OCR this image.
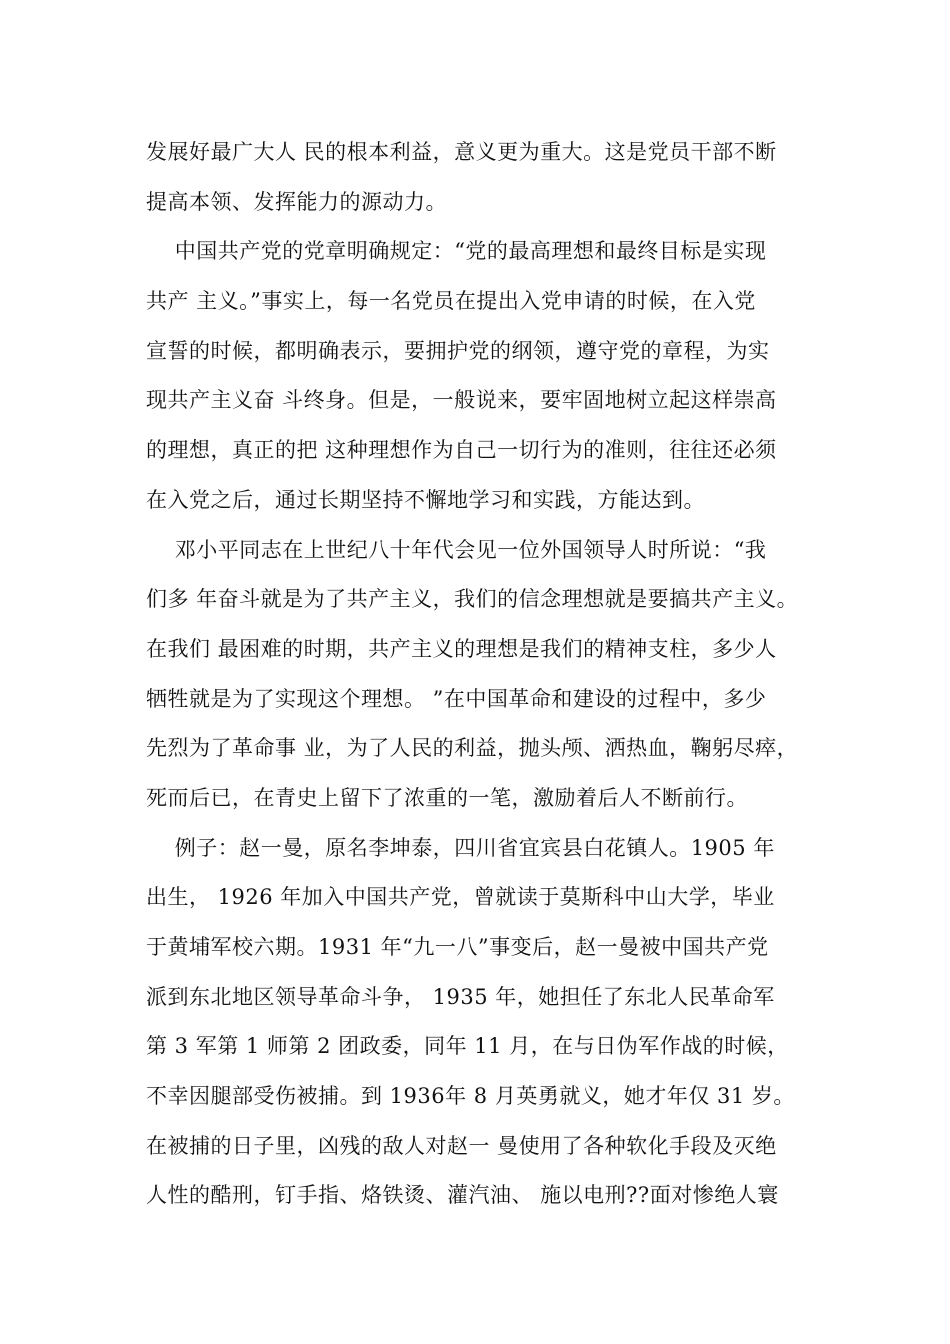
发展好最广大人 民的根本利益，意义更为重大。这是党员干部不断
提高本领、发挥能力的源动力。
中国共产党的党章明确规定：“党的最高理想和最终目标是实现
共产 主义。”事实上，每一名党员在提出入党申请的时候，在入党
宣誓的时候，都明确表示，要拥护党的纲领，遵守党的章程，为实
现共产主义奋 斗终身。但是，一般说来，要牢固地树立起这样崇高
的理想，真正的把 这种理想作为自己一切行为的准则，往往还必须
在入党之后，通过长期坚持不懈地学习和实践，方能达到。
邓小平同志在上世纪八十年代会见一位外国领导人时所说：“我
们多 年奋斗就是为了共产主义，我们的信念理想就是要搞共产主义。
在我们 最困难的时期，共产主义的理想是我们的精神支柱，多少人
牺牲就是为了实现这个理想。 ”在中国革命和建设的过程中，多少
先烈为了革命事 业，为了人民的利益，抛头颅、洒热血，鞠躬尽瘁，
死而后已，在青史上留下了浓重的一笔，激励着后人不断前行。
例子：赵一曼，原名李坤泰，四川省宜宾县白花镇人。1905 年
出生， 1926 年加入中国共产党，曾就读于莫斯科中山大学，毕业
于黄埔军校六期。1931 年“九一八”事变后，赵一曼被中国共产党
派到东北地区领导革命斗争， 1935 年，她担任了东北人民革命军
第 3 军第 1 师第 2 团政委，同年 11 月，在与日伪军作战的时候，
不幸因腿部受伤被捕。到 1936年 8 月英勇就义，她才年仅 31 岁。
在被捕的日子里，凶残的敌人对赵一 曼使用了各种软化手段及灭绝
人性的酷刑，钉手指、烙铁烫、灌汽油、 施以电刑??面对惨绝人寰
